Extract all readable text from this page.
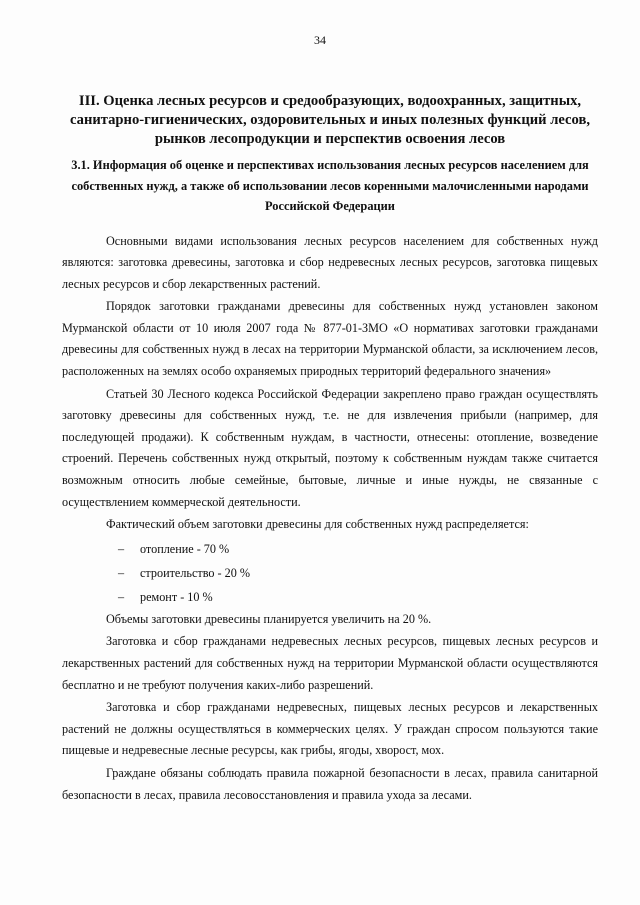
34
III. Оценка лесных ресурсов и средообразующих, водоохранных, защитных, санитарно-гигиенических, оздоровительных и иных полезных функций лесов, рынков лесопродукции и перспектив освоения лесов
3.1. Информация об оценке и перспективах использования лесных ресурсов населением для собственных нужд, а также об использовании лесов коренными малочисленными народами Российской Федерации

Основными видами использования лесных ресурсов населением для собственных нужд являются: заготовка древесины, заготовка и сбор недревесных лесных ресурсов, заготовка пищевых лесных ресурсов и сбор лекарственных растений.

Порядок заготовки гражданами древесины для собственных нужд установлен законом Мурманской области от 10 июля 2007 года № 877-01-ЗМО «О нормативах заготовки гражданами древесины для собственных нужд в лесах на территории Мурманской области, за исключением лесов, расположенных на землях особо охраняемых природных территорий федерального значения»

Статьей 30 Лесного кодекса Российской Федерации закреплено право граждан осуществлять заготовку древесины для собственных нужд, т.е. не для извлечения прибыли (например, для последующей продажи). К собственным нуждам, в частности, отнесены: отопление, возведение строений. Перечень собственных нужд открытый, поэтому к собственным нуждам также считается возможным относить любые семейные, бытовые, личные и иные нужды, не связанные с осуществлением коммерческой деятельности.

Фактический объем заготовки древесины для собственных нужд распределяется:

–	отопление - 70 %
–	строительство - 20 %
–	ремонт - 10 %

Объемы заготовки древесины планируется увеличить на 20 %.

Заготовка и сбор гражданами недревесных лесных ресурсов, пищевых лесных ресурсов и лекарственных растений для собственных нужд на территории Мурманской области осуществляются бесплатно и не требуют получения каких-либо разрешений.

Заготовка и сбор гражданами недревесных, пищевых лесных ресурсов и лекарственных растений не должны осуществляться в коммерческих целях. У граждан спросом пользуются такие пищевые и недревесные лесные ресурсы, как грибы, ягоды, хворост, мох.

Граждане обязаны соблюдать правила пожарной безопасности в лесах, правила санитарной безопасности в лесах, правила лесовосстановления и правила ухода за лесами.
